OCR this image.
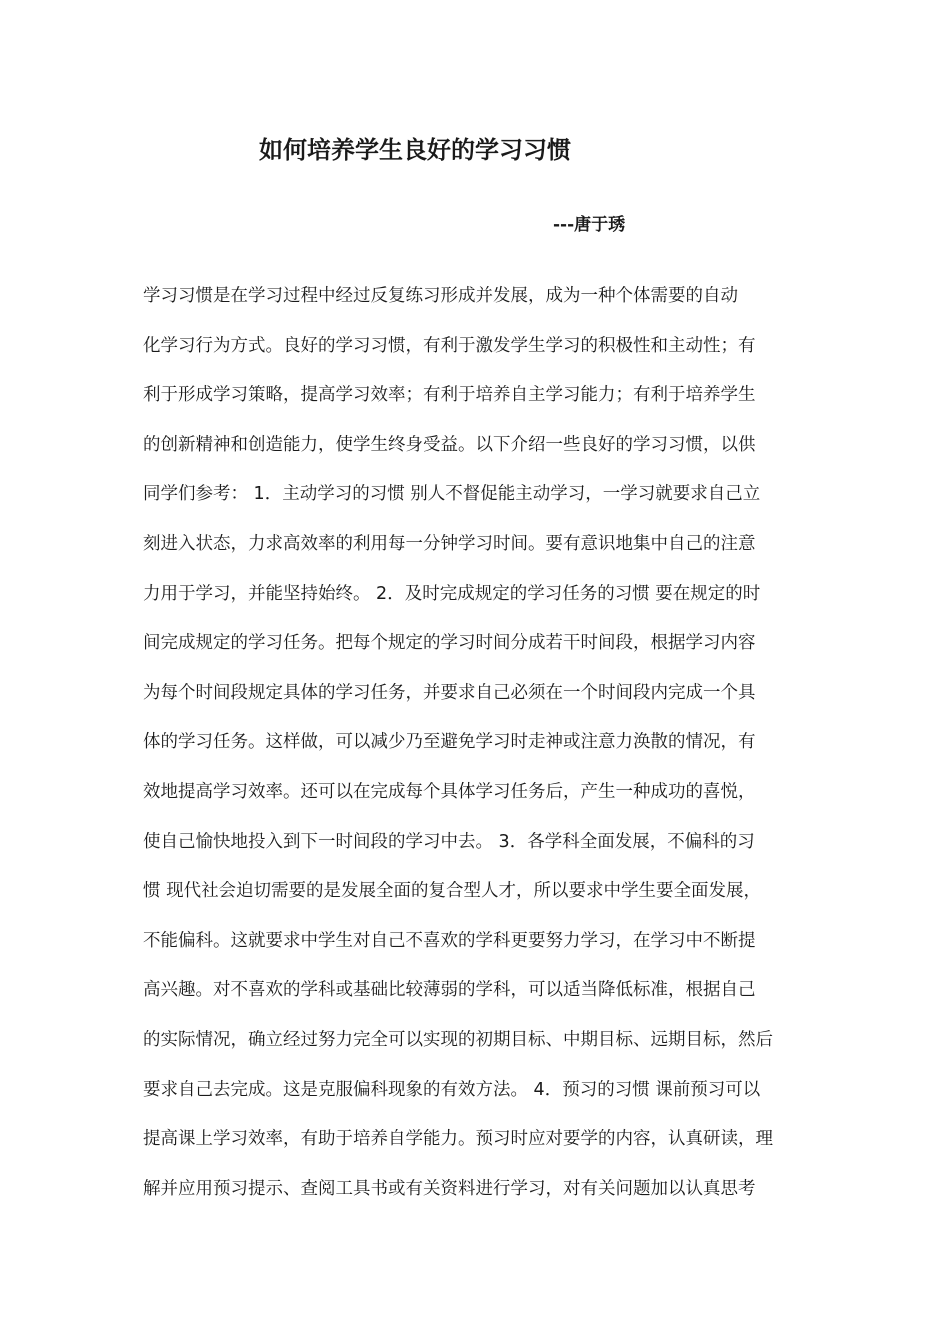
如何培养学生良好的学习习惯
---唐于琇
学习习惯是在学习过程中经过反复练习形成并发展，成为一种个体需要的自动
化学习行为方式。良好的学习习惯，有利于激发学生学习的积极性和主动性；有
利于形成学习策略，提高学习效率；有利于培养自主学习能力；有利于培养学生
的创新精神和创造能力，使学生终身受益。以下介绍一些良好的学习习惯，以供
同学们参考： 1．主动学习的习惯 别人不督促能主动学习，一学习就要求自己立
刻进入状态，力求高效率的利用每一分钟学习时间。要有意识地集中自己的注意
力用于学习，并能坚持始终。 2．及时完成规定的学习任务的习惯 要在规定的时
间完成规定的学习任务。把每个规定的学习时间分成若干时间段，根据学习内容
为每个时间段规定具体的学习任务，并要求自己必须在一个时间段内完成一个具
体的学习任务。这样做，可以减少乃至避免学习时走神或注意力涣散的情况，有
效地提高学习效率。还可以在完成每个具体学习任务后，产生一种成功的喜悦，
使自己愉快地投入到下一时间段的学习中去。 3．各学科全面发展，不偏科的习
惯 现代社会迫切需要的是发展全面的复合型人才，所以要求中学生要全面发展，
不能偏科。这就要求中学生对自己不喜欢的学科更要努力学习，在学习中不断提
高兴趣。对不喜欢的学科或基础比较薄弱的学科，可以适当降低标准，根据自己
的实际情况，确立经过努力完全可以实现的初期目标、中期目标、远期目标，然后
要求自己去完成。这是克服偏科现象的有效方法。 4．预习的习惯 课前预习可以
提高课上学习效率，有助于培养自学能力。预习时应对要学的内容，认真研读，理
解并应用预习提示、查阅工具书或有关资料进行学习，对有关问题加以认真思考
